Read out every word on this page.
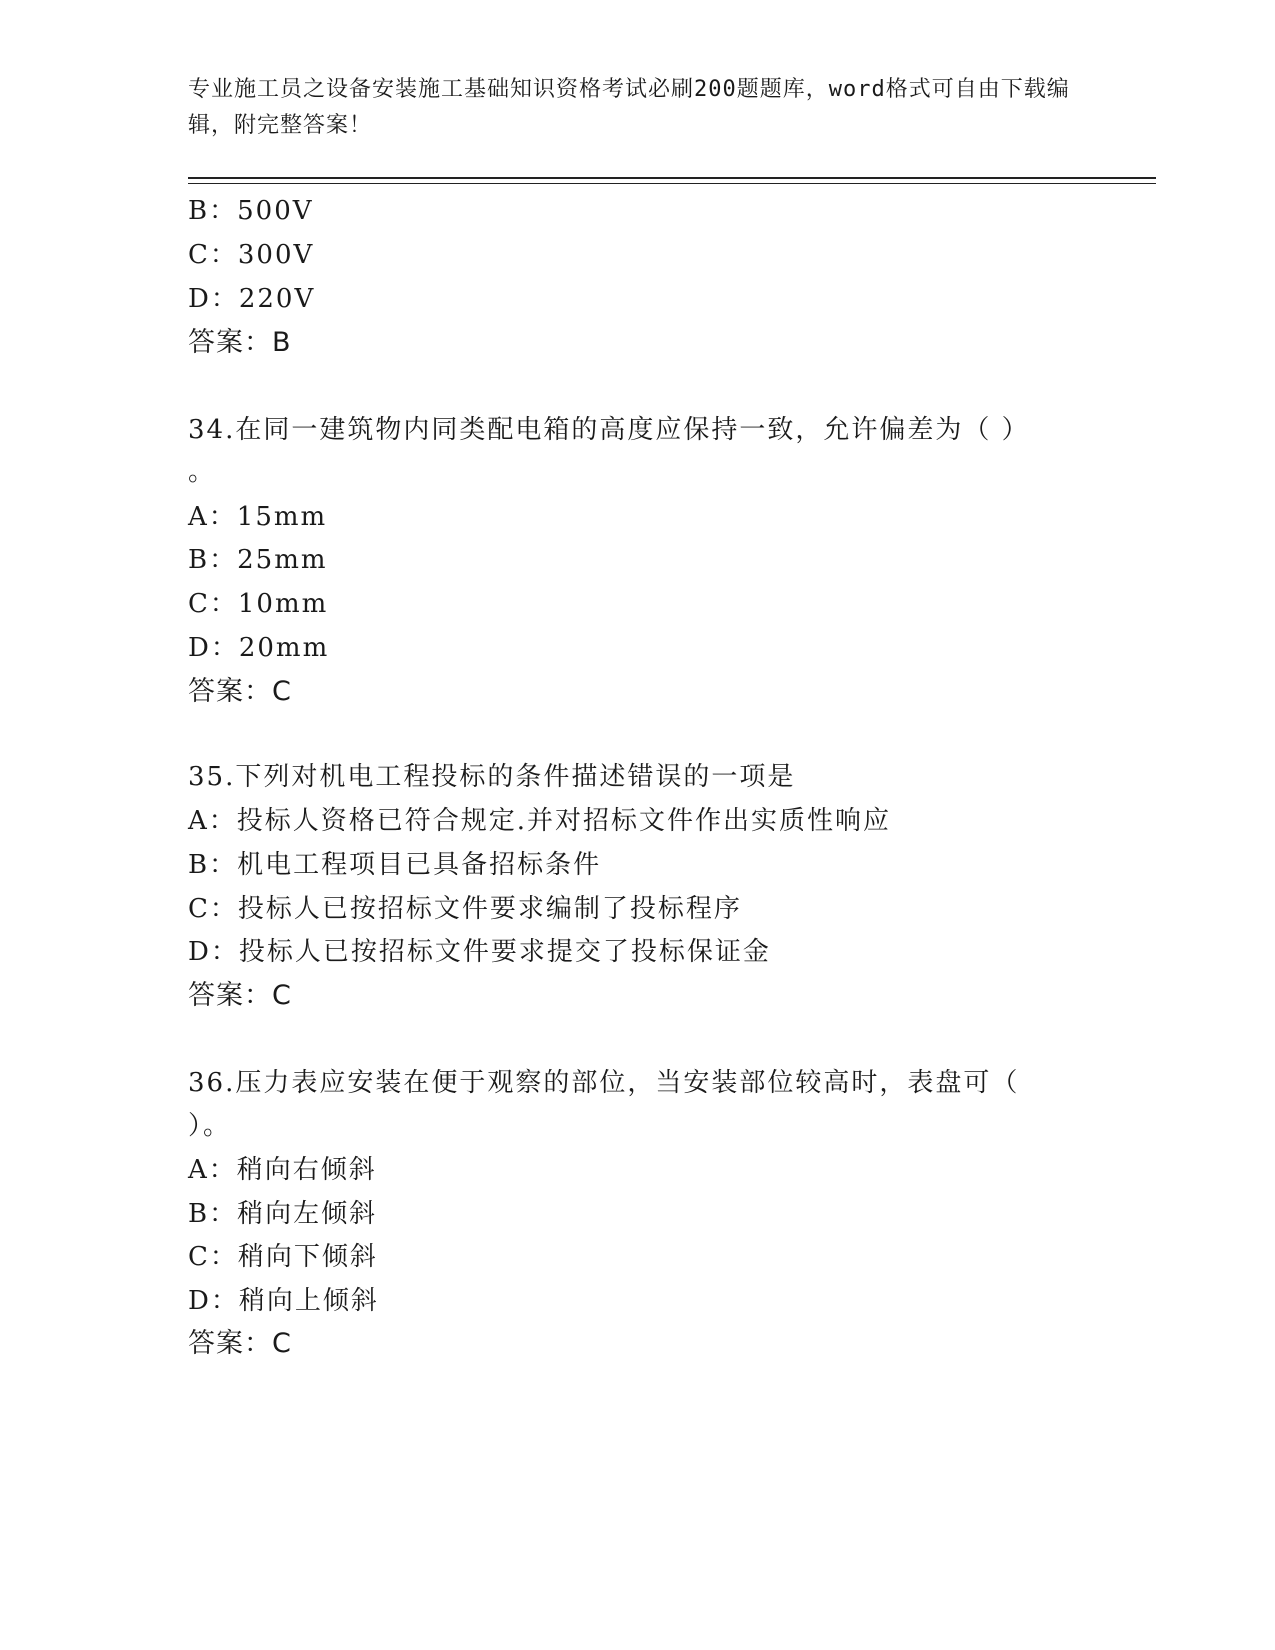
专业施工员之设备安装施工基础知识资格考试必刷200题题库，word格式可自由下载编辑，附完整答案！
B：500V
C：300V
D：220V
答案：B
34.在同一建筑物内同类配电箱的高度应保持一致，允许偏差为（ ）
。
A：15mm
B：25mm
C：10mm
D：20mm
答案：C
35.下列对机电工程投标的条件描述错误的一项是
A：投标人资格已符合规定.并对招标文件作出实质性响应
B：机电工程项目已具备招标条件
C：投标人已按招标文件要求编制了投标程序
D：投标人已按招标文件要求提交了投标保证金
答案：C
36.压力表应安装在便于观察的部位，当安装部位较高时，表盘可（
）。
A：稍向右倾斜
B：稍向左倾斜
C：稍向下倾斜
D：稍向上倾斜
答案：C
